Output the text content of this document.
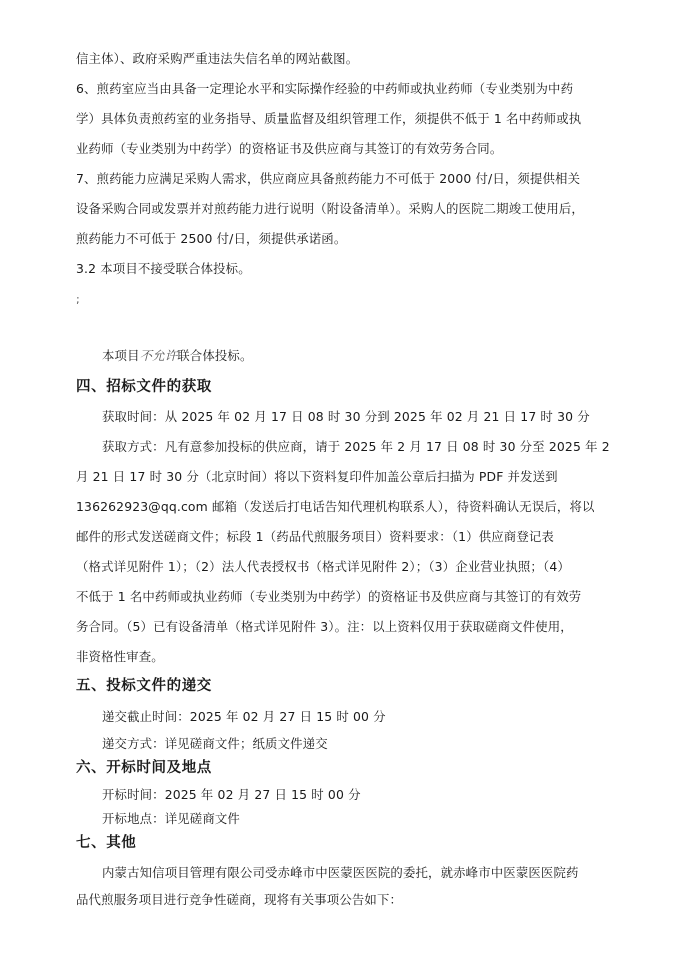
信主体）、政府采购严重违法失信名单的网站截图。
6、煎药室应当由具备一定理论水平和实际操作经验的中药师或执业药师（专业类别为中药
学）具体负责煎药室的业务指导、质量监督及组织管理工作，须提供不低于 1 名中药师或执
业药师（专业类别为中药学）的资格证书及供应商与其签订的有效劳务合同。
7、煎药能力应满足采购人需求，供应商应具备煎药能力不可低于 2000 付/日，须提供相关
设备采购合同或发票并对煎药能力进行说明（附设备清单）。采购人的医院二期竣工使用后，
煎药能力不可低于 2500 付/日，须提供承诺函。
3.2 本项目不接受联合体投标。
;
本项目不允许联合体投标。
四、招标文件的获取
获取时间：从 2025 年 02 月 17 日 08 时 30 分到 2025 年 02 月 21 日 17 时 30 分
获取方式：凡有意参加投标的供应商，请于 2025 年 2 月 17 日 08 时 30 分至 2025 年 2
月 21 日 17 时 30 分（北京时间）将以下资料复印件加盖公章后扫描为 PDF 并发送到
136262923@qq.com 邮箱（发送后打电话告知代理机构联系人），待资料确认无误后，将以
邮件的形式发送磋商文件；标段 1（药品代煎服务项目）资料要求：（1）供应商登记表
（格式详见附件 1）；（2）法人代表授权书（格式详见附件 2）；（3）企业营业执照；（4）
不低于 1 名中药师或执业药师（专业类别为中药学）的资格证书及供应商与其签订的有效劳
务合同。（5）已有设备清单（格式详见附件 3）。注：以上资料仅用于获取磋商文件使用，
非资格性审查。
五、投标文件的递交
递交截止时间：2025 年 02 月 27 日 15 时 00 分
递交方式：详见磋商文件；纸质文件递交
六、开标时间及地点
开标时间：2025 年 02 月 27 日 15 时 00 分
开标地点：详见磋商文件
七、其他
内蒙古知信项目管理有限公司受赤峰市中医蒙医医院的委托，就赤峰市中医蒙医医院药
品代煎服务项目进行竞争性磋商，现将有关事项公告如下：
